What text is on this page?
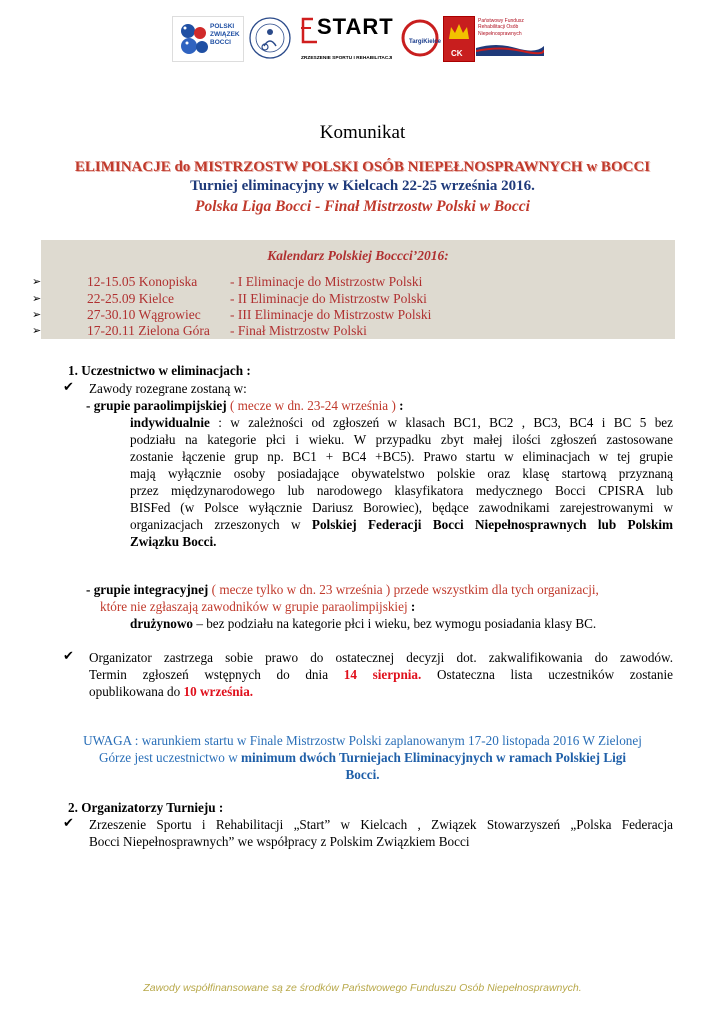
POLSKI
ZWIĄZEK
BOCCI
START
ZRZESZENIE SPORTU I REHABILITACJI
TargiKielce
CK
Państwowy Fundusz
Rehabilitacji Osób
Niepełnosprawnych
Komunikat
ELIMINACJE do MISTRZOSTW POLSKI OSÓB NIEPEŁNOSPRAWNYCH w BOCCI
Turniej eliminacyjny w Kielcach 22-25 września 2016.
Polska Liga Bocci - Finał Mistrzostw Polski w Bocci
Kalendarz Polskiej Boccci’2016:
➢	12-15.05 Konopiska - I Eliminacje do Mistrzostw Polski
➢	22-25.09 Kielce	- II Eliminacje do Mistrzostw Polski
➢	27-30.10 Wągrowiec - III Eliminacje do Mistrzostw Polski
➢	17-20.11 Zielona Góra - Finał Mistrzostw Polski
1. Uczestnictwo w eliminacjach :
✔ Zawody rozegrane zostaną w:
- grupie paraolimpijskiej ( mecze w dn. 23-24 września ) :
indywidualnie : w zależności od zgłoszeń w klasach BC1, BC2 , BC3, BC4 i BC 5 bez
podziału na kategorie płci i wieku. W przypadku zbyt małej ilości zgłoszeń zastosowane
zostanie łączenie grup np. BC1 + BC4 +BC5). Prawo startu w eliminacjach w tej grupie
mają wyłącznie osoby posiadające obywatelstwo polskie oraz klasę startową przyznaną
przez międzynarodowego lub narodowego klasyfikatora medycznego Bocci CPISRA lub
BISFed (w Polsce wyłącznie Dariusz Borowiec), będące zawodnikami zarejestrowanymi w
organizacjach zrzeszonych w Polskiej Federacji Bocci Niepełnosprawnych lub Polskim
Związku Bocci.
- grupie integracyjnej ( mecze tylko w dn. 23 września ) przede wszystkim dla tych organizacji,
które nie zgłaszają zawodników w grupie paraolimpijskiej :
drużynowo – bez podziału na kategorie płci i wieku, bez wymogu posiadania klasy BC.
✔ Organizator zastrzega sobie prawo do ostatecznej decyzji dot. zakwalifikowania do zawodów.
Termin zgłoszeń wstępnych do dnia 14 sierpnia. Ostateczna lista uczestników zostanie
opublikowana do 10 września.
UWAGA : warunkiem startu w Finale Mistrzostw Polski zaplanowanym 17-20 listopada 2016 W Zielonej
Górze jest uczestnictwo w minimum dwóch Turniejach Eliminacyjnych w ramach Polskiej Ligi
Bocci.
2. Organizatorzy Turnieju :
✔ Zrzeszenie Sportu i Rehabilitacji „Start” w Kielcach , Związek Stowarzyszeń „Polska Federacja
Bocci Niepełnosprawnych” we współpracy z Polskim Związkiem Bocci
Zawody współfinansowane są ze środków Państwowego Funduszu Osób Niepełnosprawnych.
